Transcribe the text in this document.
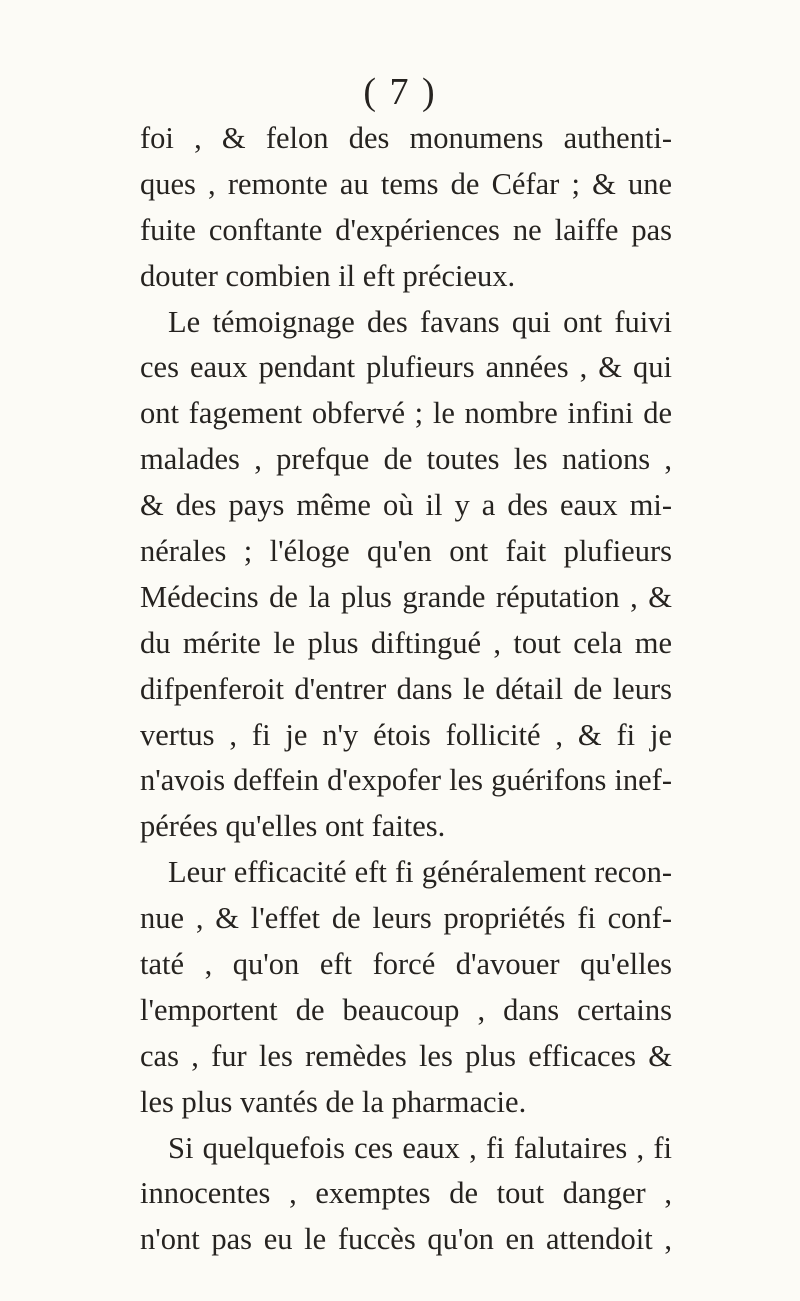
( 7 )
foi , & felon des monumens authenti-
ques , remonte au tems de Céfar ; & une
fuite conftante d'expériences ne laiffe pas
douter combien il eft précieux.
Le témoignage des favans qui ont fuivi
ces eaux pendant plufieurs années , & qui
ont fagement obfervé ; le nombre infini de
malades , prefque de toutes les nations ,
& des pays même où il y a des eaux mi-
nérales ; l'éloge qu'en ont fait plufieurs
Médecins de la plus grande réputation , &
du mérite le plus diftingué , tout cela me
difpenferoit d'entrer dans le détail de leurs
vertus , fi je n'y étois follicité , & fi je
n'avois deffein d'expofer les guérifons inef-
pérées qu'elles ont faites.
Leur efficacité eft fi généralement recon-
nue , & l'effet de leurs propriétés fi conf-
taté , qu'on eft forcé d'avouer qu'elles
l'emportent de beaucoup , dans certains
cas , fur les remèdes les plus efficaces &
les plus vantés de la pharmacie.
Si quelquefois ces eaux , fi falutaires , fi
innocentes , exemptes de tout danger ,
n'ont pas eu le fuccès qu'on en attendoit ,
